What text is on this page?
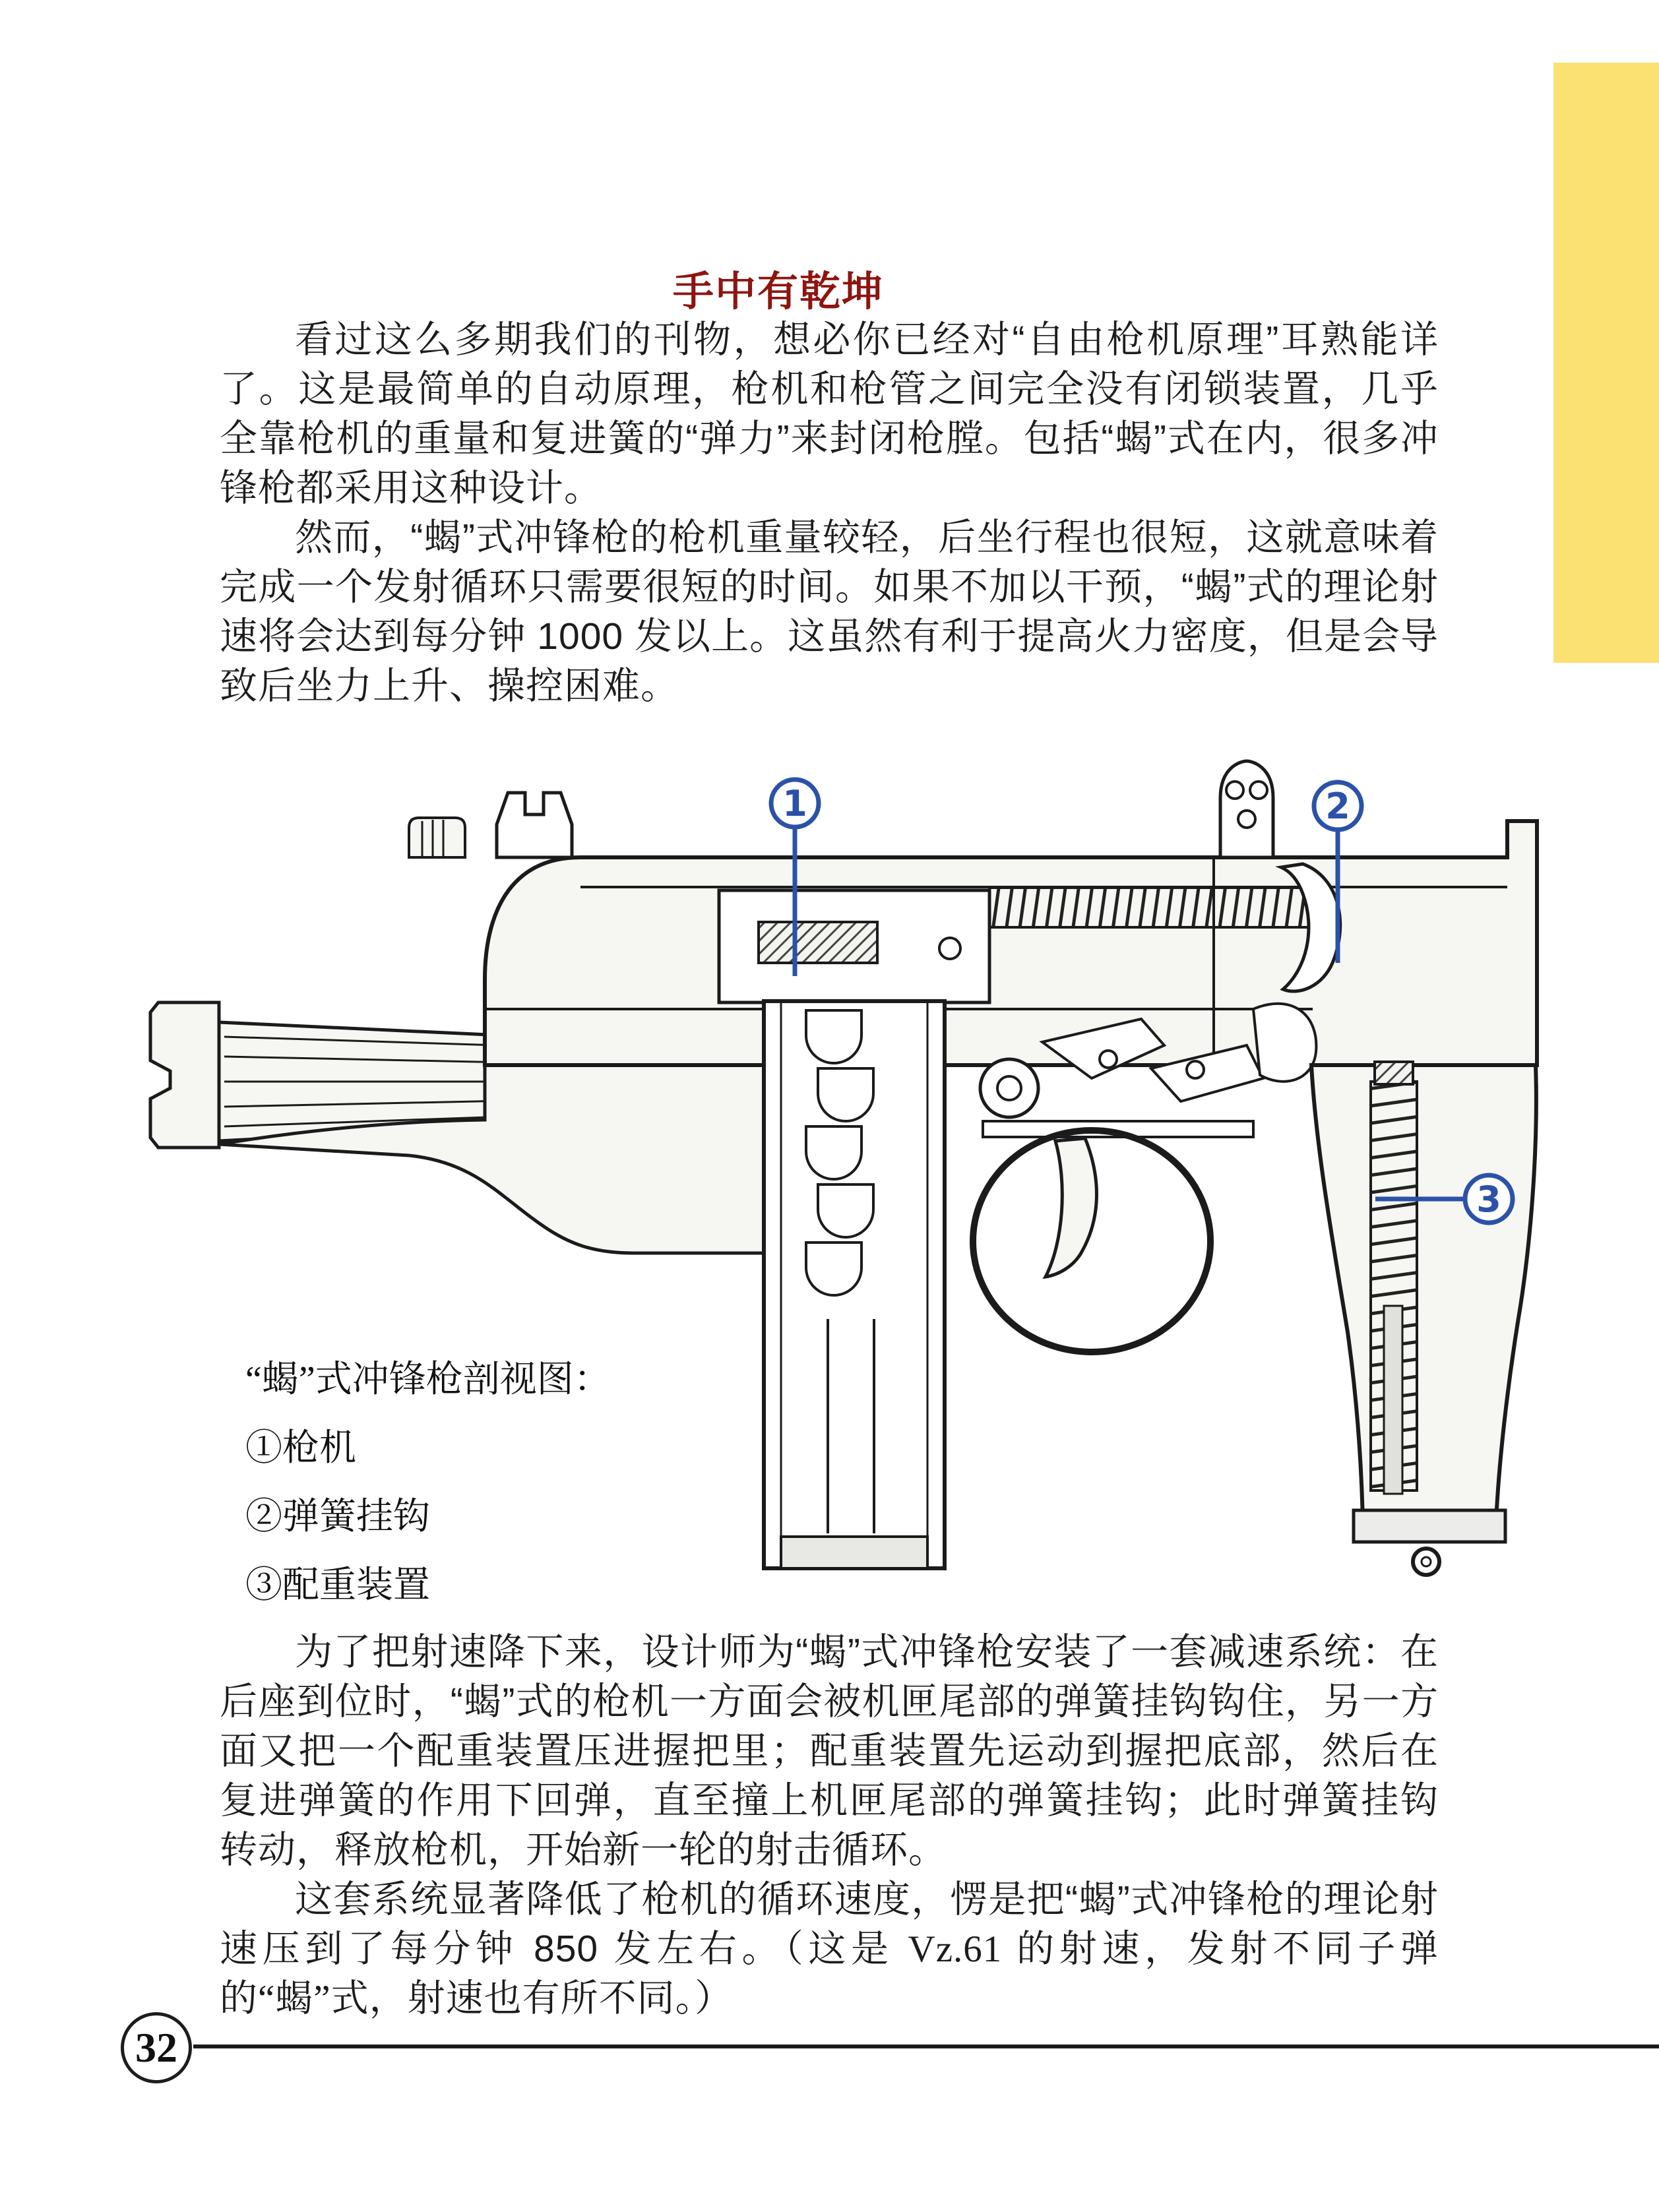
手中有乾坤

看过这么多期我们的刊物，想必你已经对“自由枪机原理”耳熟能详了。这是最简单的自动原理，枪机和枪管之间完全没有闭锁装置，几乎全靠枪机的重量和复进簧的“弹力”来封闭枪膛。包括“蝎”式在内，很多冲锋枪都采用这种设计。

然而，“蝎”式冲锋枪的枪机重量较轻，后坐行程也很短，这就意味着完成一个发射循环只需要很短的时间。如果不加以干预，“蝎”式的理论射速将会达到每分钟 1000 发以上。这虽然有利于提高火力密度，但是会导致后坐力上升、操控困难。

1	2
3
“蝎”式冲锋枪剖视图：
①枪机
②弹簧挂钩
③配重装置

为了把射速降下来，设计师为“蝎”式冲锋枪安装了一套减速系统：在后座到位时，“蝎”式的枪机一方面会被机匣尾部的弹簧挂钩钩住，另一方面又把一个配重装置压进握把里；配重装置先运动到握把底部，然后在复进弹簧的作用下回弹，直至撞上机匣尾部的弹簧挂钩；此时弹簧挂钩转动，释放枪机，开始新一轮的射击循环。

这套系统显著降低了枪机的循环速度，愣是把“蝎”式冲锋枪的理论射速压到了每分钟 850 发左右。（这是 Vz.61 的射速，发射不同子弹的“蝎”式，射速也有所不同。）

32
